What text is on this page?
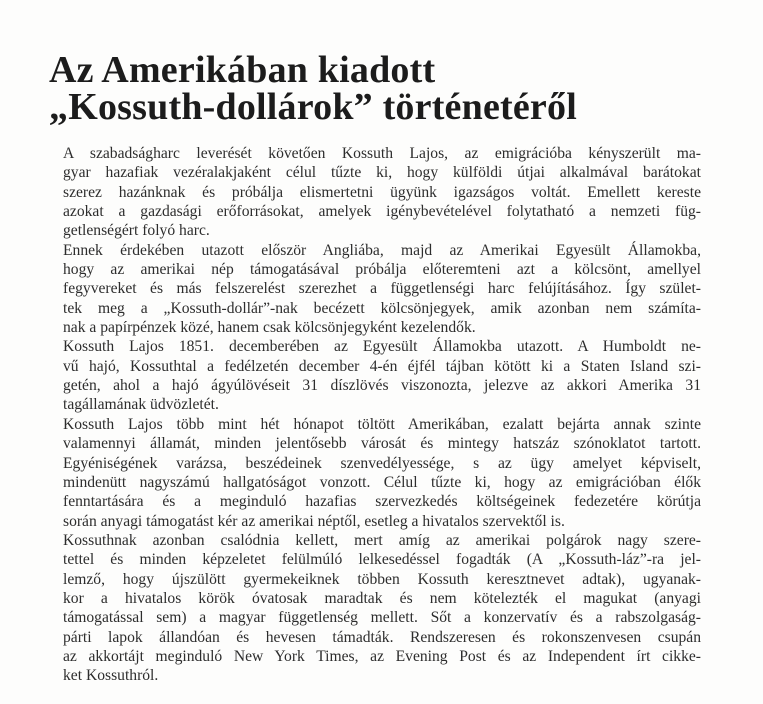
Az Amerikában kiadott
„Kossuth-dollárok” történetéről
A szabadságharc leverését követően Kossuth Lajos, az emigrációba kényszerült ma-
gyar hazafiak vezéralakjaként célul tűzte ki, hogy külföldi útjai alkalmával barátokat
szerez hazánknak és próbálja elismertetni ügyünk igazságos voltát. Emellett kereste
azokat a gazdasági erőforrásokat, amelyek igénybevételével folytatható a nemzeti füg-
getlenségért folyó harc.
Ennek érdekében utazott először Angliába, majd az Amerikai Egyesült Államokba,
hogy az amerikai nép támogatásával próbálja előteremteni azt a kölcsönt, amellyel
fegyvereket és más felszerelést szerezhet a függetlenségi harc felújításához. Így szület-
tek meg a „Kossuth-dollár”-nak becézett kölcsönjegyek, amik azonban nem számíta-
nak a papírpénzek közé, hanem csak kölcsönjegyként kezelendők.
Kossuth Lajos 1851. decemberében az Egyesült Államokba utazott. A Humboldt ne-
vű hajó, Kossuthtal a fedélzetén december 4-én éjfél tájban kötött ki a Staten Island szi-
getén, ahol a hajó ágyúlövéseit 31 díszlövés viszonozta, jelezve az akkori Amerika 31
tagállamának üdvözletét.
Kossuth Lajos több mint hét hónapot töltött Amerikában, ezalatt bejárta annak szinte
valamennyi államát, minden jelentősebb városát és mintegy hatszáz szónoklatot tartott.
Egyéniségének varázsa, beszédeinek szenvedélyessége, s az ügy amelyet képviselt,
mindenütt nagyszámú hallgatóságot vonzott. Célul tűzte ki, hogy az emigrációban élők
fenntartására és a meginduló hazafias szervezkedés költségeinek fedezetére körútja
során anyagi támogatást kér az amerikai néptől, esetleg a hivatalos szervektől is.
Kossuthnak azonban csalódnia kellett, mert amíg az amerikai polgárok nagy szere-
tettel és minden képzeletet felülmúló lelkesedéssel fogadták (A „Kossuth-láz”-ra jel-
lemző, hogy újszülött gyermekeiknek többen Kossuth keresztnevet adtak), ugyanak-
kor a hivatalos körök óvatosak maradtak és nem kötelezték el magukat (anyagi
támogatással sem) a magyar függetlenség mellett. Sőt a konzervatív és a rabszolgaság-
párti lapok állandóan és hevesen támadták. Rendszeresen és rokonszenvesen csupán
az akkortájt meginduló New York Times, az Evening Post és az Independent írt cikke-
ket Kossuthról.
